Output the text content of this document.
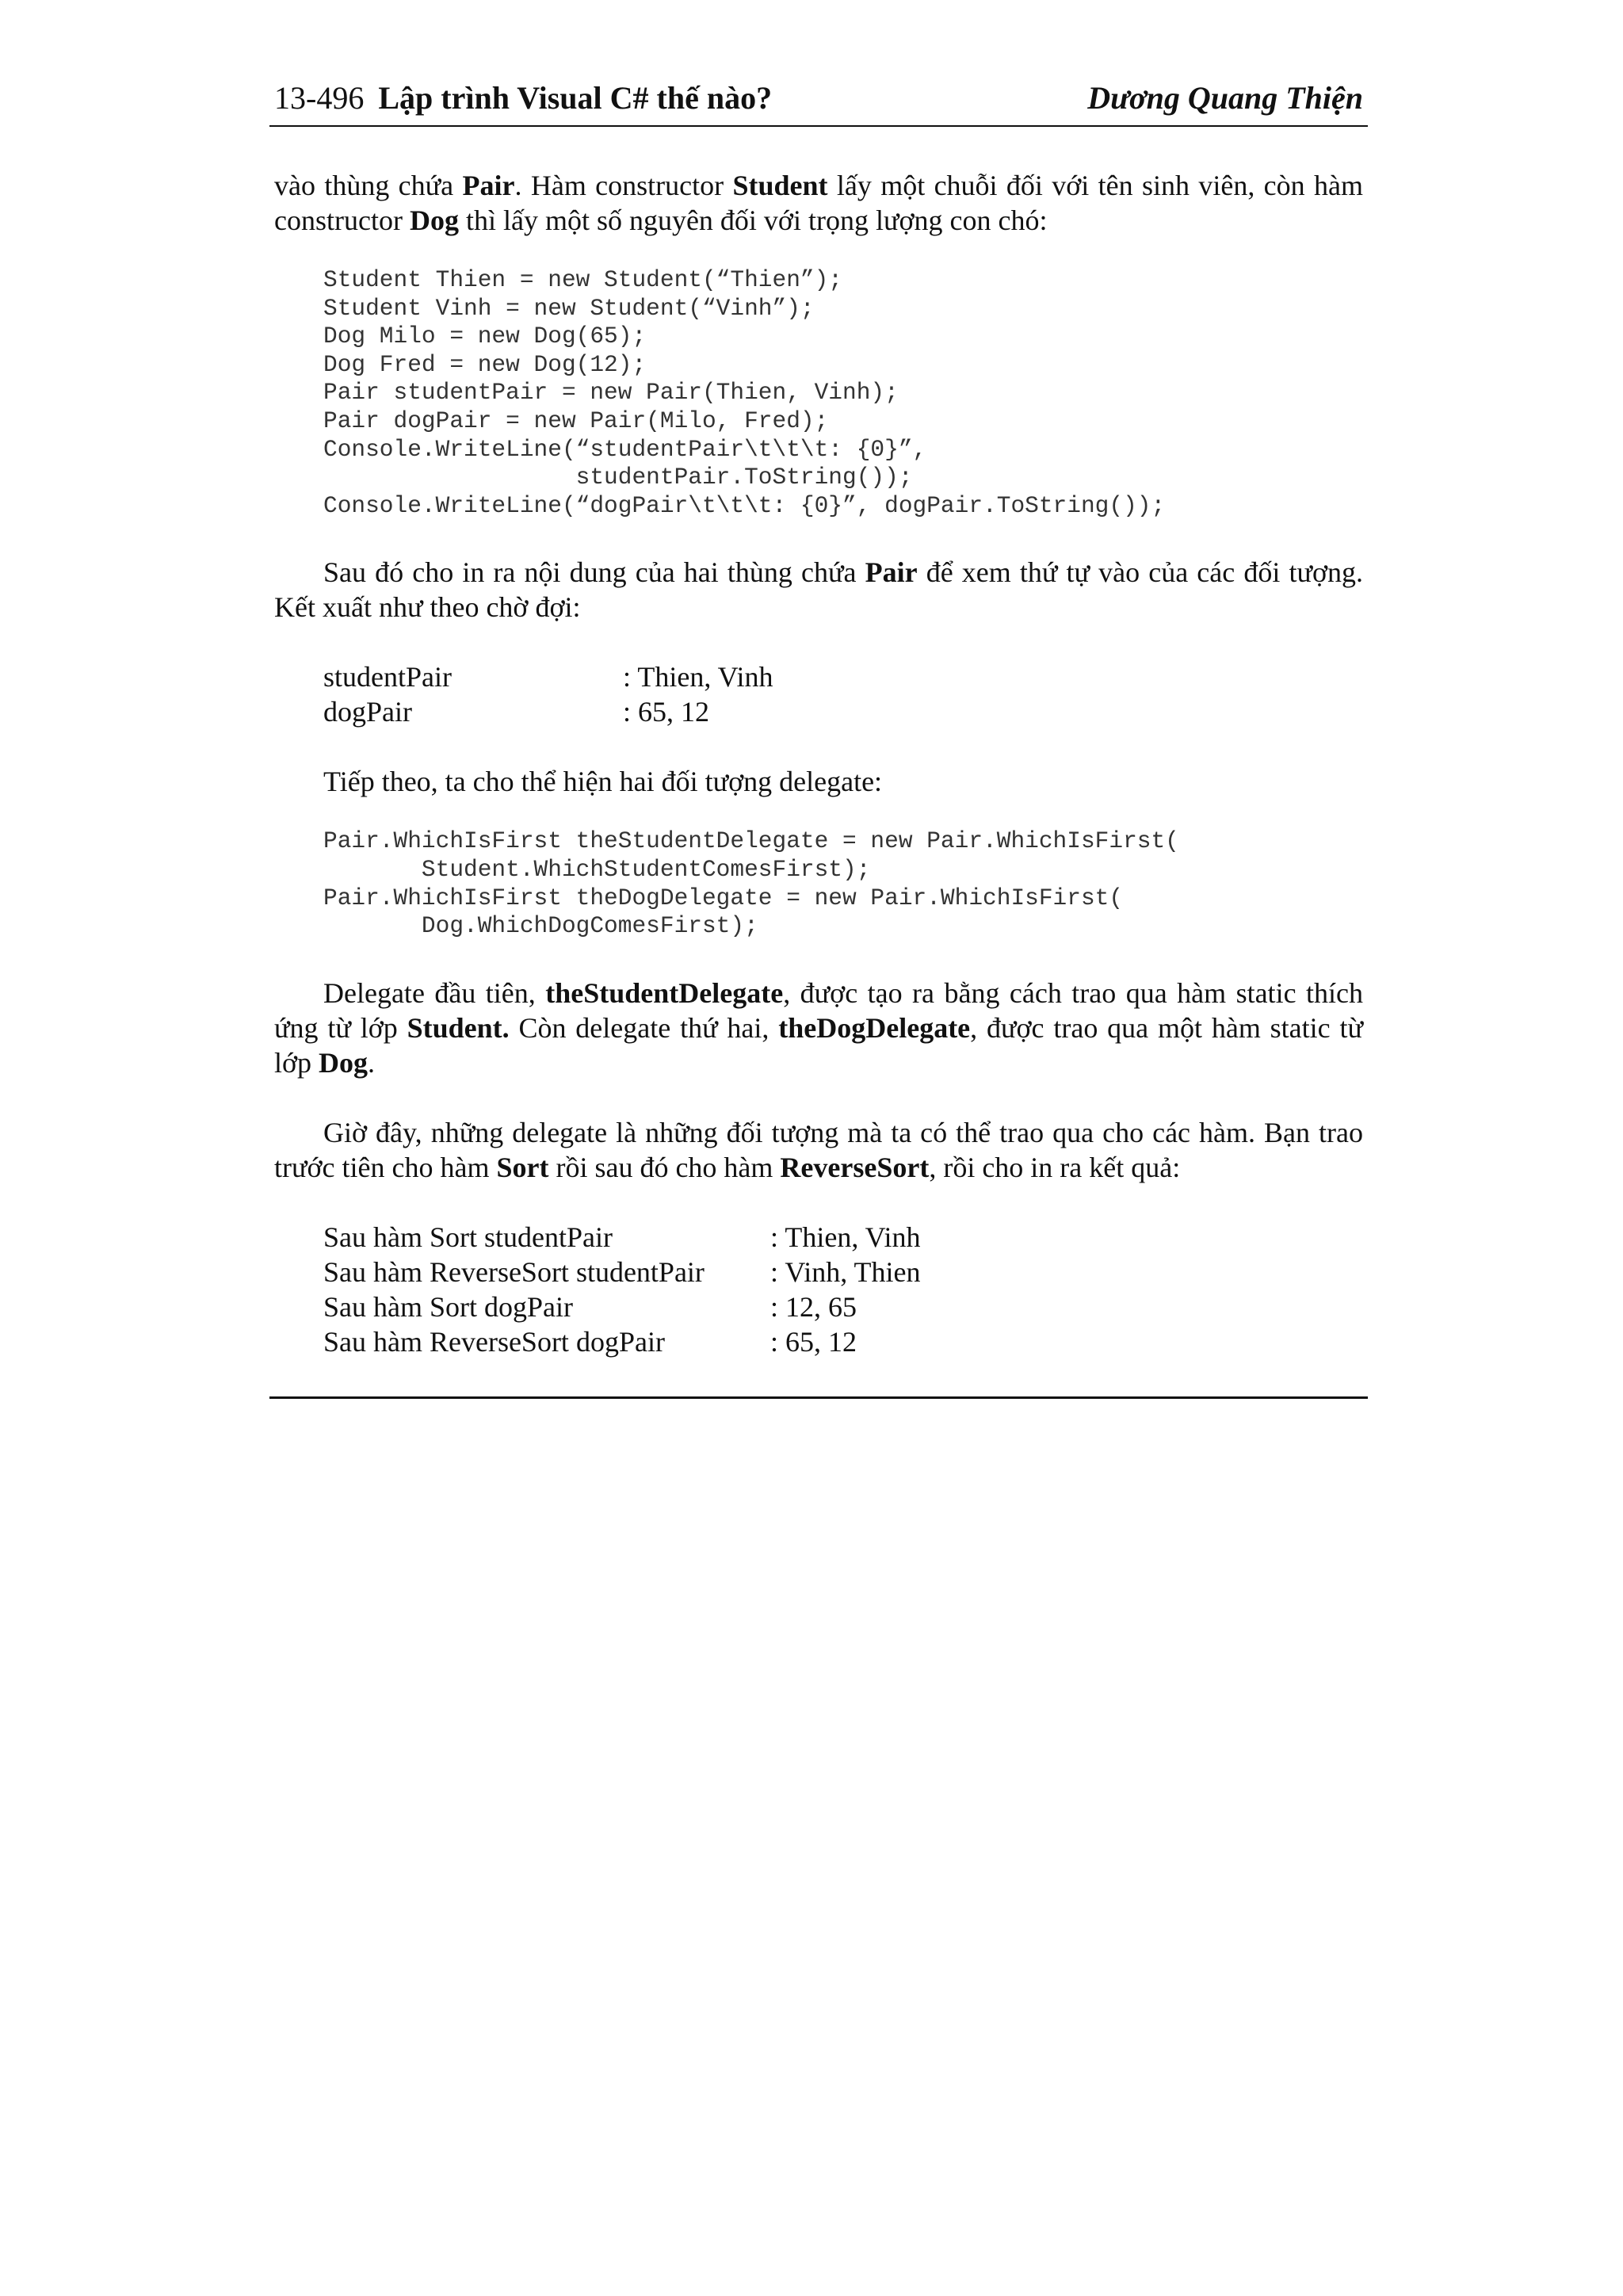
13-496 Lập trình Visual C# thế nào?	Dương Quang Thiện

vào thùng chứa Pair. Hàm constructor Student lấy một chuỗi đối với tên sinh viên, còn hàm constructor Dog thì lấy một số nguyên đối với trọng lượng con chó:

Student Thien = new Student(“Thien”);
Student Vinh = new Student(“Vinh”);
Dog Milo = new Dog(65);
Dog Fred = new Dog(12);
Pair studentPair = new Pair(Thien, Vinh);
Pair dogPair = new Pair(Milo, Fred);
Console.WriteLine(“studentPair\t\t\t: {0}”,
studentPair.ToString());
Console.WriteLine(“dogPair\t\t\t: {0}”, dogPair.ToString());

Sau đó cho in ra nội dung của hai thùng chứa Pair để xem thứ tự vào của các đối tượng. Kết xuất như theo chờ đợi:

studentPair	: Thien, Vinh
dogPair	: 65, 12

Tiếp theo, ta cho thể hiện hai đối tượng delegate:

Pair.WhichIsFirst theStudentDelegate = new Pair.WhichIsFirst(
Student.WhichStudentComesFirst);
Pair.WhichIsFirst theDogDelegate = new Pair.WhichIsFirst(
Dog.WhichDogComesFirst);

Delegate đầu tiên, theStudentDelegate, được tạo ra bằng cách trao qua hàm static thích ứng từ lớp Student. Còn delegate thứ hai, theDogDelegate, được trao qua một hàm static từ lớp Dog.

Giờ đây, những delegate là những đối tượng mà ta có thể trao qua cho các hàm. Bạn trao trước tiên cho hàm Sort rồi sau đó cho hàm ReverseSort, rồi cho in ra kết quả:

Sau hàm Sort studentPair	: Thien, Vinh
Sau hàm ReverseSort studentPair	: Vinh, Thien
Sau hàm Sort dogPair	: 12, 65
Sau hàm ReverseSort dogPair	: 65, 12
